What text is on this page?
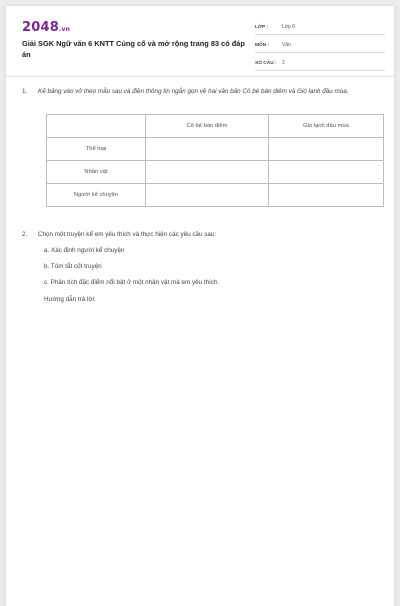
2048.vn
Giải SGK Ngữ văn 6 KNTT Củng cố và mở rộng trang 83 có đáp án
LỚP :	Lớp 6
MÔN :	Văn
SỐ CÂU :	2
1. Kẻ bảng vào vở theo mẫu sau và điền thông tin ngắn gọn về hai văn bản Cô bé bán diêm và Gió lạnh đầu mùa.
	Cô bé bán diêm	Gió lạnh đầu mùa
Thể loại		
Nhân vật		
Người kể chuyện		
2. Chọn một truyện kể em yêu thích và thực hiện các yêu cầu sau:
a. Xác định người kể chuyện
b. Tóm tắt cốt truyện
c. Phân tích đặc điểm nổi bật ở một nhân vật mà em yêu thích.
Hướng dẫn trả lời:
